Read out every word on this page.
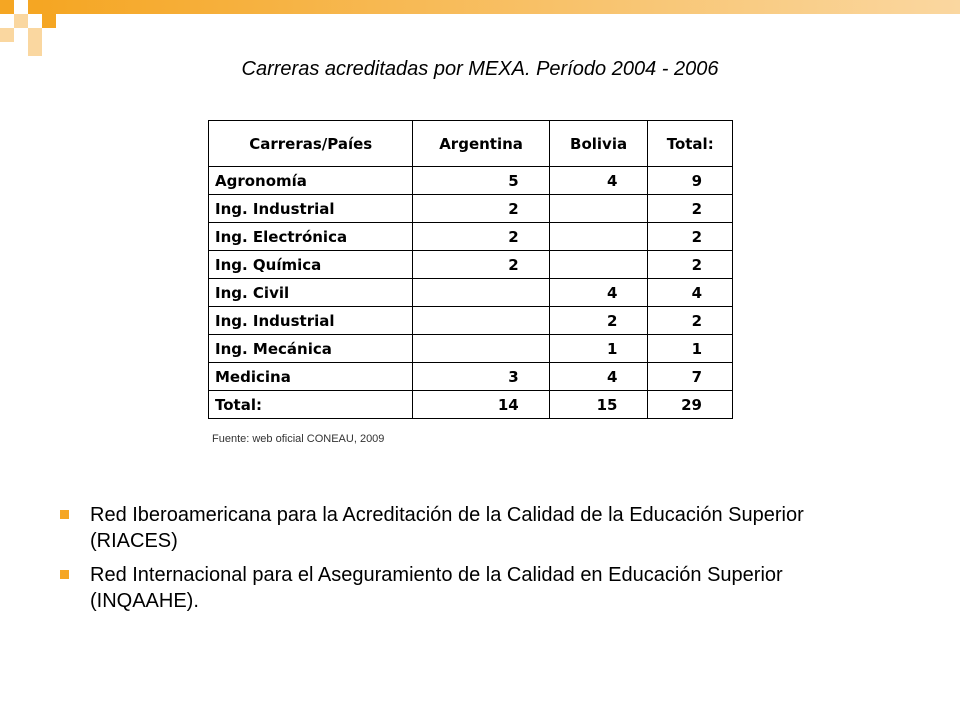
Carreras acreditadas por MEXA. Período 2004 - 2006
Carreras/Paíes	Argentina	Bolivia	Total:
Agronomía	5	4	9
Ing. Industrial	2		2
Ing. Electrónica	2		2
Ing. Química	2		2
Ing. Civil		4	4
Ing. Industrial		2	2
Ing. Mecánica		1	1
Medicina	3	4	7
Total:	14	15	29
Fuente: web oficial CONEAU, 2009
Red Iberoamericana para la Acreditación de la Calidad de la Educación Superior (RIACES)
Red Internacional para el Aseguramiento de la Calidad en Educación Superior (INQAAHE).
